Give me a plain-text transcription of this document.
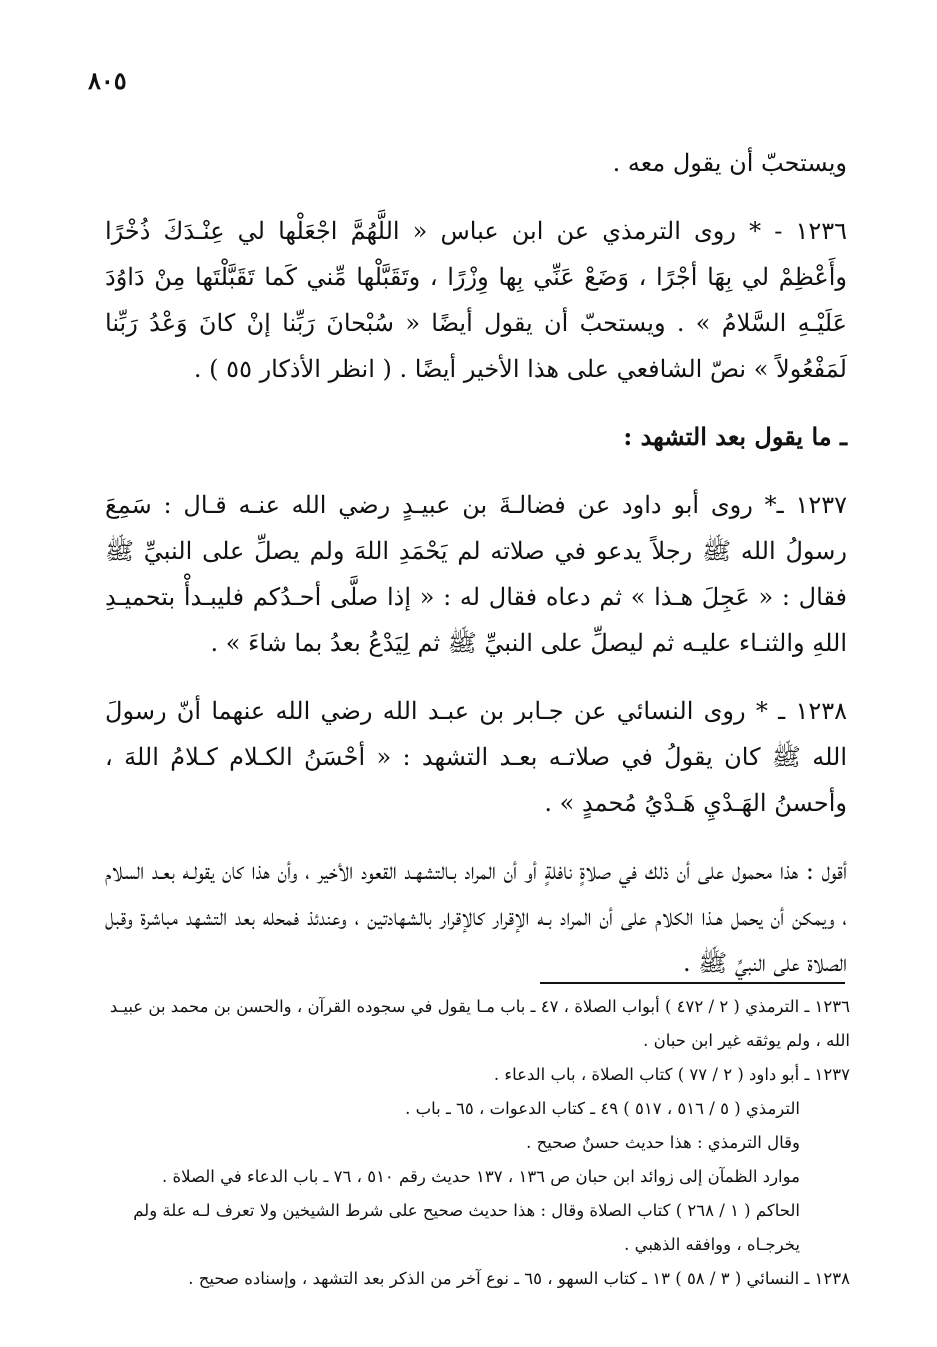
٨٠٥

ويستحبّ أن يقول معه .

١٢٣٦ - * روى الترمذي عن ابن عباس « اللَّهُمَّ اجْعَلْها لي عِنْـدَكَ ذُخْرًا وأَعْظِمْ لي بِهَا أجْرًا ، وَضَعْ عَنِّي بِها وِزْرًا ، وتَقَبَّلْها مِّني كَما تَقَبَّلْتَها مِنْ دَاوُدَ عَلَيْـهِ السَّلامُ » . ويستحبّ أن يقول أيضًا « سُبْحانَ رَبِّنا إنْ كانَ وَعْدُ رَبِّنا لَمَفْعُولاً » نصّ الشافعي على هذا الأخير أيضًا . ( انظر الأذكار ٥٥ ) .

ـ ما يقول بعد التشهد :

١٢٣٧ ـ* روى أبو داود عن فضالـةَ بن عبيـدٍ رضي الله عنـه قـال : سَمِعَ رسولُ الله ﷺ رجلاً يدعو في صلاته لم يَحْمَدِ اللهَ ولم يصلِّ على النبيِّ ﷺ فقال : « عَجِلَ هـذا » ثم دعاه فقال له : « إذا صلَّى أحـدُكم فليبـدأْ بتحميـدِ اللهِ والثنـاء عليـه ثم ليصلِّ على النبيِّ ﷺ ثم لِيَدْعُ بعدُ بما شاءَ » .

١٢٣٨ ـ * روى النسائي عن جـابر بن عبـد الله رضي الله عنهما أنّ رسولَ الله ﷺ كان يقولُ في صلاتـه بعـد التشهد : « أحْسَنُ الكـلام كـلامُ اللهَ ، وأحسنُ الهَـدْيِ هَـدْيُ مُحمدٍ » .

أقول : هذا محمول على أن ذلك في صلاةٍ نافلةٍ أو أن المراد بـالتشهـد القعود الأخير ، وأن هذا كان يقولـه بعـد السلام ، ويمكن أن يحمل هـذا الكلام على أن المراد بـه الإقرار كالإقرار بالشهادتين ، وعندئذ فمحله بعد التشهد مباشرة وقبل الصلاة على النبيِّ ﷺ .

١٢٣٦ ـ الترمذي ( ٢ / ٤٧٢ ) أبواب الصلاة ، ٤٧ ـ باب مـا يقول في سجوده القرآن ، والحسن بن محمد بن عبيـد الله ، ولم يوثقه غير ابن حبان .
١٢٣٧ ـ أبو داود ( ٢ / ٧٧ ) كتاب الصلاة ، باب الدعاء .
الترمذي ( ٥ / ٥١٦ ، ٥١٧ ) ٤٩ ـ كتاب الدعوات ، ٦٥ ـ باب .
وقال الترمذي : هذا حديث حسنٌ صحيح .
موارد الظمآن إلى زوائد ابن حبان ص ١٣٦ ، ١٣٧ حديث رقم ٥١٠ ، ٧٦ ـ باب الدعاء في الصلاة .
الحاكم ( ١ / ٢٦٨ ) كتاب الصلاة وقال : هذا حديث صحيح على شرط الشيخين ولا تعرف لـه علة ولم يخرجـاه ، ووافقه الذهبي .
١٢٣٨ ـ النسائي ( ٣ / ٥٨ ) ١٣ ـ كتاب السهو ، ٦٥ ـ نوع آخر من الذكر بعد التشهد ، وإسناده صحيح .
